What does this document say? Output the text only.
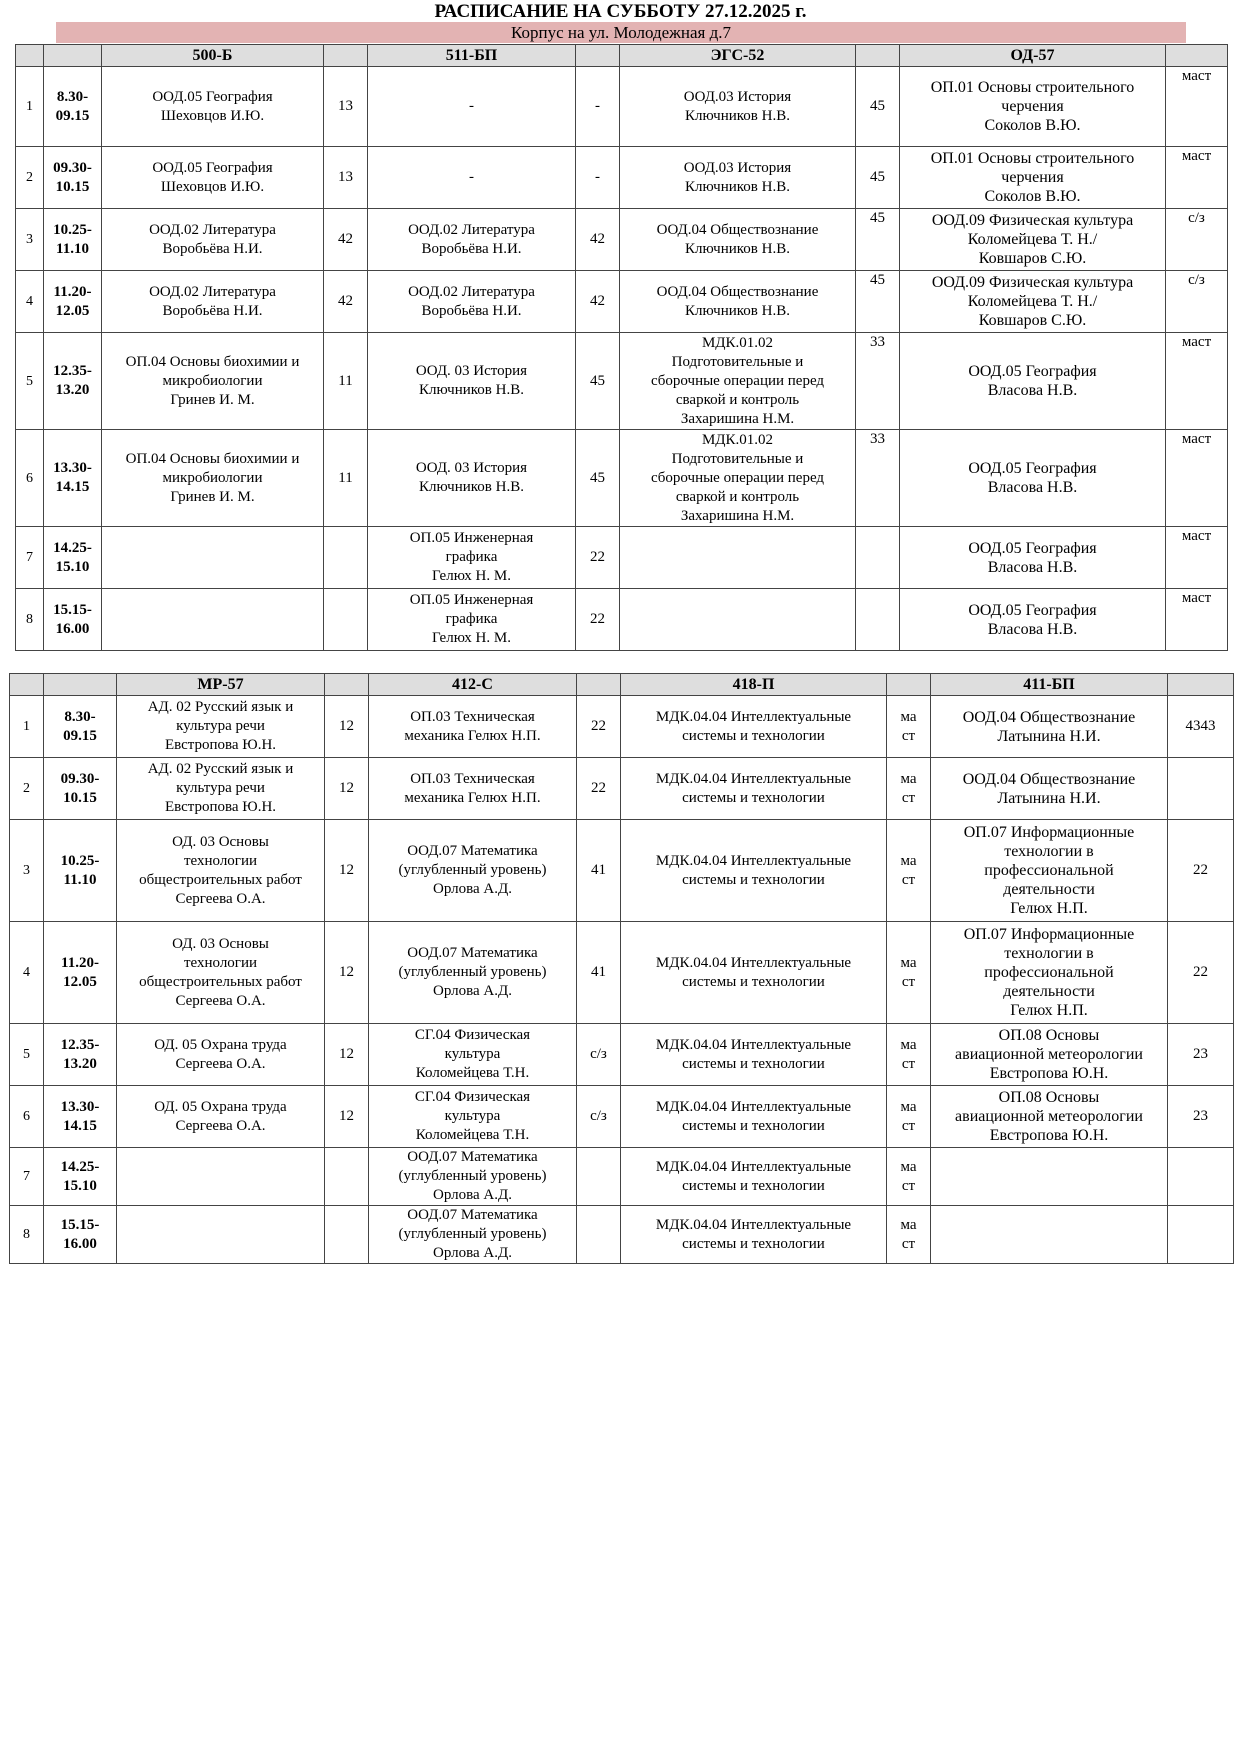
РАСПИСАНИЕ НА СУББОТУ 27.12.2025 г.
Корпус на ул. Молодежная д.7
		500-Б		511-БП		ЭГС-52		ОД-57	
1	8.30-
09.15	ООД.05 География
Шеховцов И.Ю.	13	-	-	ООД.03 История
Ключников Н.В.	45	ОП.01 Основы строительного
черчения
Соколов В.Ю.	маст
2	09.30-
10.15	ООД.05 География
Шеховцов И.Ю.	13	-	-	ООД.03 История
Ключников Н.В.	45	ОП.01 Основы строительного
черчения
Соколов В.Ю.	маст
3	10.25-
11.10	ООД.02 Литература
Воробьёва Н.И.	42	ООД.02 Литература
Воробьёва Н.И.	42	ООД.04 Обществознание
Ключников Н.В.	45	ООД.09 Физическая культура
Коломейцева Т. Н./
Ковшаров С.Ю.	с/з
4	11.20-
12.05	ООД.02 Литература
Воробьёва Н.И.	42	ООД.02 Литература
Воробьёва Н.И.	42	ООД.04 Обществознание
Ключников Н.В.	45	ООД.09 Физическая культура
Коломейцева Т. Н./
Ковшаров С.Ю.	с/з
5	12.35-
13.20	ОП.04 Основы биохимии и
микробиологии
Гринев И. М.	11	ООД. 03 История
Ключников Н.В.	45	МДК.01.02
Подготовительные и
сборочные операции перед
сваркой и контроль
Захаришина Н.М.	33	ООД.05 География
Власова Н.В.	маст
6	13.30-
14.15	ОП.04 Основы биохимии и
микробиологии
Гринев И. М.	11	ООД. 03 История
Ключников Н.В.	45	МДК.01.02
Подготовительные и
сборочные операции перед
сваркой и контроль
Захаришина Н.М.	33	ООД.05 География
Власова Н.В.	маст
7	14.25-
15.10			ОП.05 Инженерная
графика
Гелюх Н. М.	22			ООД.05 География
Власова Н.В.	маст
8	15.15-
16.00			ОП.05 Инженерная
графика
Гелюх Н. М.	22			ООД.05 География
Власова Н.В.	маст
		МР-57		412-С		418-П		411-БП	
1	8.30-
09.15	АД. 02 Русский язык и
культура речи
Евстропова Ю.Н.	12	ОП.03 Техническая
механика Гелюх Н.П.	22	МДК.04.04 Интеллектуальные
системы и технологии	ма
ст	ООД.04 Обществознание
Латынина Н.И.	4343
2	09.30-
10.15	АД. 02 Русский язык и
культура речи
Евстропова Ю.Н.	12	ОП.03 Техническая
механика Гелюх Н.П.	22	МДК.04.04 Интеллектуальные
системы и технологии	ма
ст	ООД.04 Обществознание
Латынина Н.И.	
3	10.25-
11.10	ОД. 03 Основы
технологии
общестроительных работ
Сергеева О.А.	12	ООД.07 Математика
(углубленный уровень)
Орлова А.Д.	41	МДК.04.04 Интеллектуальные
системы и технологии	ма
ст	ОП.07 Информационные
технологии в
профессиональной
деятельности
Гелюх Н.П.	22
4	11.20-
12.05	ОД. 03 Основы
технологии
общестроительных работ
Сергеева О.А.	12	ООД.07 Математика
(углубленный уровень)
Орлова А.Д.	41	МДК.04.04 Интеллектуальные
системы и технологии	ма
ст	ОП.07 Информационные
технологии в
профессиональной
деятельности
Гелюх Н.П.	22
5	12.35-
13.20	ОД. 05 Охрана труда
Сергеева О.А.	12	СГ.04 Физическая
культура
Коломейцева Т.Н.	с/з	МДК.04.04 Интеллектуальные
системы и технологии	ма
ст	ОП.08 Основы
авиационной метеорологии
Евстропова Ю.Н.	23
6	13.30-
14.15	ОД. 05 Охрана труда
Сергеева О.А.	12	СГ.04 Физическая
культура
Коломейцева Т.Н.	с/з	МДК.04.04 Интеллектуальные
системы и технологии	ма
ст	ОП.08 Основы
авиационной метеорологии
Евстропова Ю.Н.	23
7	14.25-
15.10			ООД.07 Математика
(углубленный уровень)
Орлова А.Д.		МДК.04.04 Интеллектуальные
системы и технологии	ма
ст		
8	15.15-
16.00			ООД.07 Математика
(углубленный уровень)
Орлова А.Д.		МДК.04.04 Интеллектуальные
системы и технологии	ма
ст		
